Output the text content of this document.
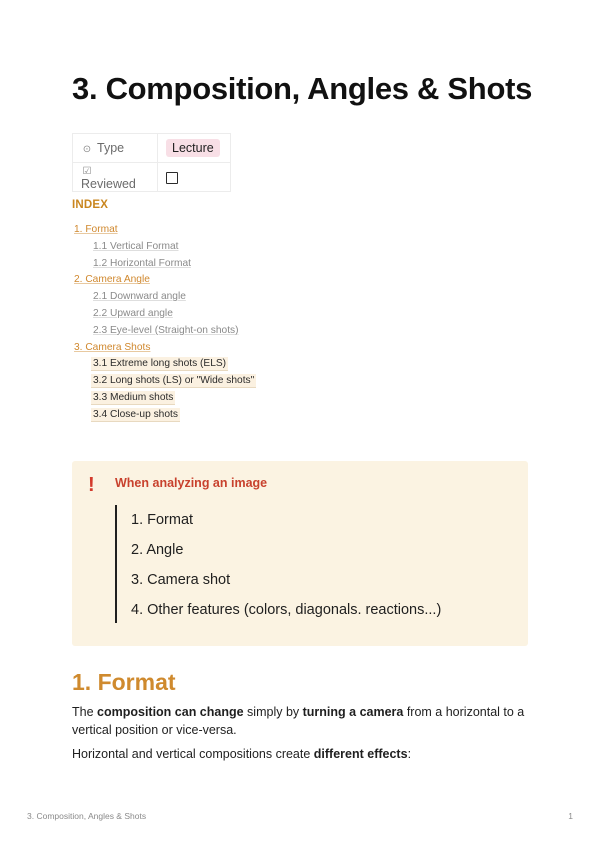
3. Composition, Angles & Shots
⊙ Type	Lecture
☑Reviewed	
INDEX
1. Format
1.1 Vertical Format
1.2 Horizontal Format
2. Camera Angle
2.1 Downward angle
2.2 Upward angle
2.3 Eye-level (Straight-on shots)
3. Camera Shots
3.1 Extreme long shots (ELS)
3.2 Long shots (LS) or "Wide shots"
3.3 Medium shots
3.4 Close-up shots
! When analyzing an image
1. Format
2. Angle
3. Camera shot
4. Other features (colors, diagonals. reactions...)
1. Format

The composition can change simply by turning a camera from a horizontal to a vertical position or vice-versa.

Horizontal and vertical compositions create different effects:

3. Composition, Angles & Shots	1
